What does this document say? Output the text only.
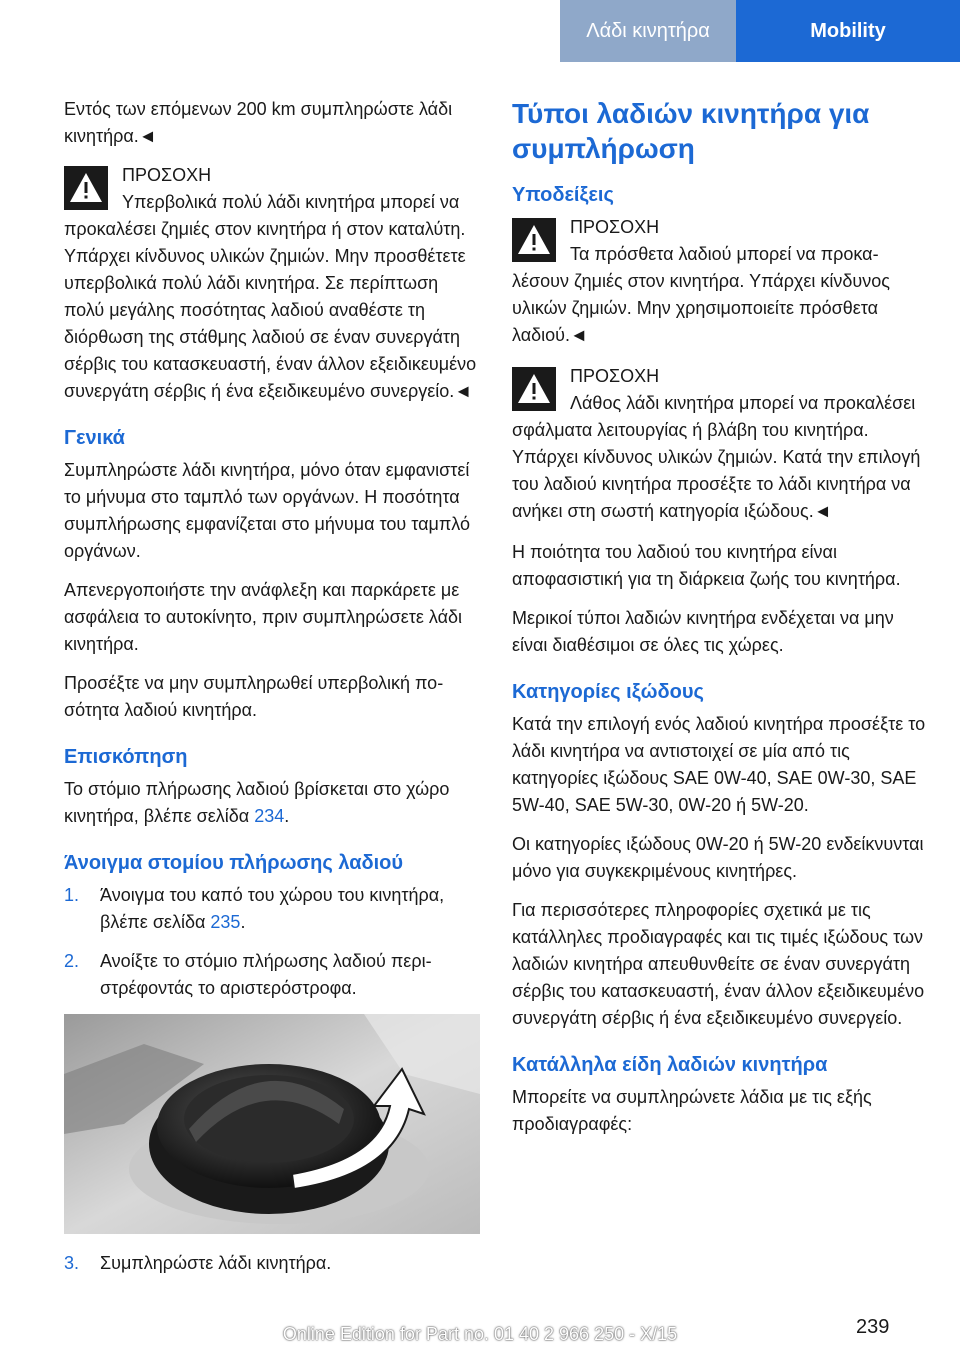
Λάδι κινητήρα	Mobility

Εντός των επόμενων 200 km συμπληρώστε λάδι κινητήρα.◄

ΠΡΟΣΟΧΗ
Υπερβολικά πολύ λάδι κινητήρα μπορεί να προκαλέσει ζημιές στον κινητήρα ή στον καταλύτη. Υπάρχει κίνδυνος υλικών ζημιών. Μην προσθέτετε υπερβολικά πολύ λάδι κινητήρα. Σε περίπτωση πολύ μεγάλης ποσότητας λαδιού αναθέστε τη διόρθωση της στάθμης λαδιού σε έναν συνεργάτη σέρβις του κατασκευαστή, έναν άλλον εξειδικευμένο συνεργάτη σέρβις ή ένα εξειδικευμένο συνεργείο.◄
Γενικά

Συμπληρώστε λάδι κινητήρα, μόνο όταν εμφανιστεί το μήνυμα στο ταμπλό των οργάνων. Η ποσότητα συμπλήρωσης εμφανίζεται στο μήνυμα του ταμπλό οργάνων.

Απενεργοποιήστε την ανάφλεξη και παρκάρετε με ασφάλεια το αυτοκίνητο, πριν συμπληρώσετε λάδι κινητήρα.

Προσέξτε να μην συμπληρωθεί υπερβολική ποσότητα λαδιού κινητήρα.

Επισκόπηση

Το στόμιο πλήρωσης λαδιού βρίσκεται στο χώρο κινητήρα, βλέπε σελίδα 234.

Άνοιγμα στομίου πλήρωσης λαδιού
1. Άνοιγμα του καπό του χώρου του κινητήρα, βλέπε σελίδα 235.
2. Ανοίξτε το στόμιο πλήρωσης λαδιού περιστρέφοντάς το αριστερόστροφα.
3. Συμπληρώστε λάδι κινητήρα.
Τύποι λαδιών κινητήρα για συμπλήρωση
Υποδείξεις
ΠΡΟΣΟΧΗ
Τα πρόσθετα λαδιού μπορεί να προκαλέσουν ζημιές στον κινητήρα. Υπάρχει κίνδυνος υλικών ζημιών. Μην χρησιμοποιείτε πρόσθετα λαδιού.◄
ΠΡΟΣΟΧΗ
Λάθος λάδι κινητήρα μπορεί να προκαλέσει σφάλματα λειτουργίας ή βλάβη του κινητήρα. Υπάρχει κίνδυνος υλικών ζημιών. Κατά την επιλογή του λαδιού κινητήρα προσέξτε το λάδι κινητήρα να ανήκει στη σωστή κατηγορία ιξώδους.◄

Η ποιότητα του λαδιού του κινητήρα είναι αποφασιστική για τη διάρκεια ζωής του κινητήρα.

Μερικοί τύποι λαδιών κινητήρα ενδέχεται να μην είναι διαθέσιμοι σε όλες τις χώρες.

Κατηγορίες ιξώδους

Κατά την επιλογή ενός λαδιού κινητήρα προσέξτε το λάδι κινητήρα να αντιστοιχεί σε μία από τις κατηγορίες ιξώδους SAE 0W-40, SAE 0W-30, SAE 5W-40, SAE 5W-30, 0W-20 ή 5W-20.

Οι κατηγορίες ιξώδους 0W-20 ή 5W-20 ενδείκνυνται μόνο για συγκεκριμένους κινητήρες.

Για περισσότερες πληροφορίες σχετικά με τις κατάλληλες προδιαγραφές και τις τιμές ιξώδους των λαδιών κινητήρα απευθυνθείτε σε έναν συνεργάτη σέρβις του κατασκευαστή, έναν άλλον εξειδικευμένο συνεργάτη σέρβις ή ένα εξειδικευμένο συνεργείο.

Κατάλληλα είδη λαδιών κινητήρα

Μπορείτε να συμπληρώνετε λάδια με τις εξής προδιαγραφές:

Online Edition for Part no. 01 40 2 966 250 - X/15	239
